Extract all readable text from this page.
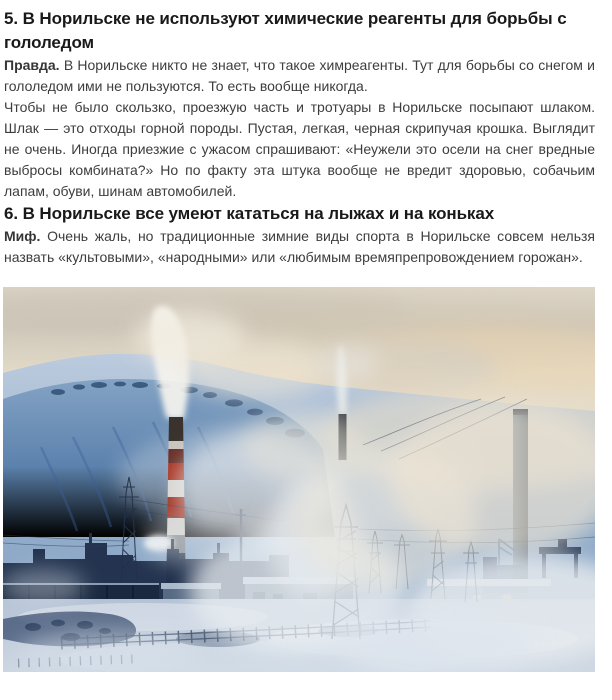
5. В Норильске не используют химические реагенты для борьбы с гололедом

Правда. В Норильске никто не знает, что такое химреагенты. Тут для борьбы со снегом и гололедом ими не пользуются. То есть вообще никогда.

Чтобы не было скользко, проезжую часть и тротуары в Норильске посыпают шлаком. Шлак — это отходы горной породы. Пустая, легкая, черная скрипучая крошка. Выглядит не очень. Иногда приезжие с ужасом спрашивают: «Неужели это осели на снег вредные выбросы комбината?» Но по факту эта штука вообще не вредит здоровью, собачьим лапам, обуви, шинам автомобилей.

6. В Норильске все умеют кататься на лыжах и на коньках

Миф. Очень жаль, но традиционные зимние виды спорта в Норильске совсем нельзя назвать «культовыми», «народными» или «любимым времяпрепровождением горожан».
